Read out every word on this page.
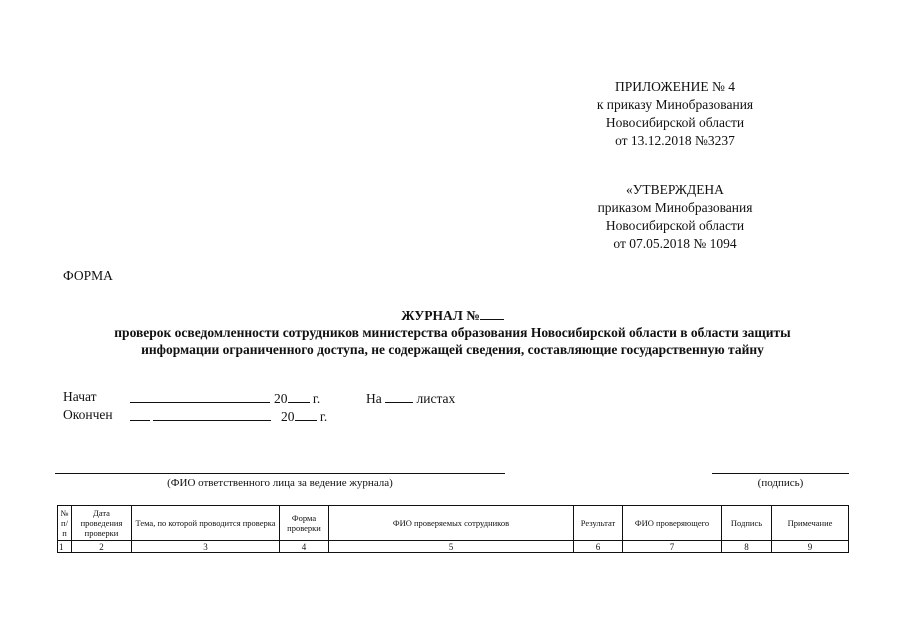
ПРИЛОЖЕНИЕ № 4
к приказу Минобразования
Новосибирской области
от 13.12.2018 №3237
«УТВЕРЖДЕНА
приказом Минобразования
Новосибирской области
от 07.05.2018 № 1094
ФОРМА
ЖУРНАЛ №
проверок осведомленности сотрудников министерства образования Новосибирской области в области защиты
информации ограниченного доступа, не содержащей сведения, составляющие государственную тайну
Начат	20 г.	На	листах
Окончен
	20 г.
(ФИО ответственного лица за ведение журнала)	(подпись)
№ п/п	Дата проведения проверки	Тема, по которой проводится проверка	Форма проверки	ФИО проверяемых сотрудников	Результат	ФИО проверяющего	Подпись	Примечание
1	2	3	4	5	6	7	8	9
